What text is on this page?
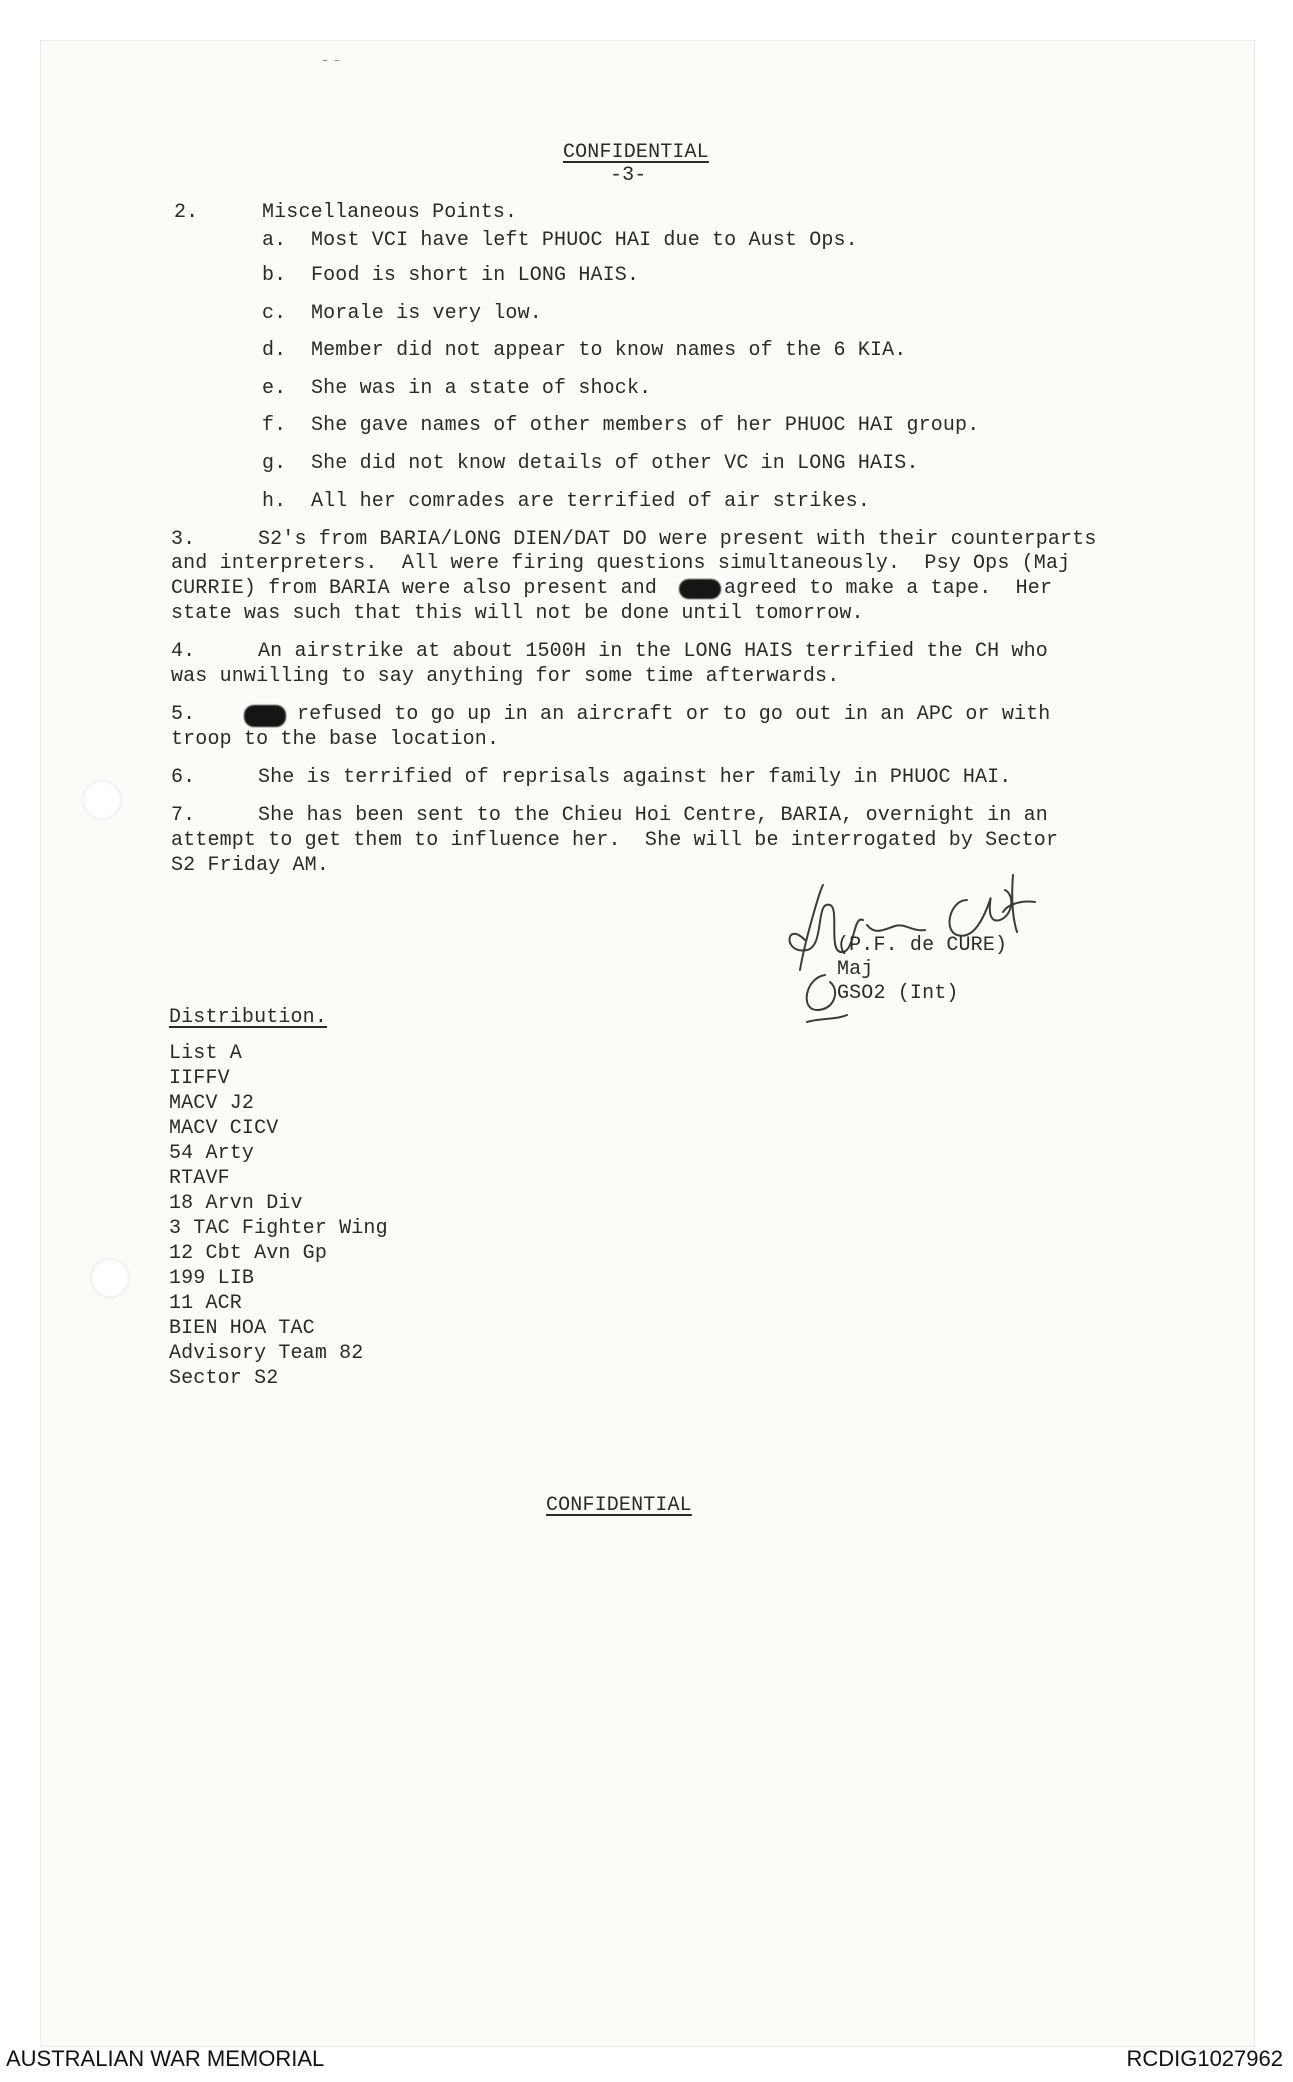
‒ ‒
CONFIDENTIAL
-3-
2.	Miscellaneous Points.
a. Most VCI have left PHUOC HAI due to Aust Ops.
b. Food is short in LONG HAIS.
c. Morale is very low.
d. Member did not appear to know names of the 6 KIA.
e. She was in a state of shock.
f. She gave names of other members of her PHUOC HAI group.
g. She did not know details of other VC in LONG HAIS.
h. All her comrades are terrified of air strikes.
3.	S2's from BARIA/LONG DIEN/DAT DO were present with their counterparts
and interpreters.  All were firing questions simultaneously.  Psy Ops (Maj
CURRIE) from BARIA were also present and	agreed to make a tape.  Her
state was such that this will not be done until tomorrow.
4.	An airstrike at about 1500H in the LONG HAIS terrified the CH who
was unwilling to say anything for some time afterwards.
5.	refused to go up in an aircraft or to go out in an APC or with
troop to the base location.
6.	She is terrified of reprisals against her family in PHUOC HAI.
7.	She has been sent to the Chieu Hoi Centre, BARIA, overnight in an
attempt to get them to influence her.  She will be interrogated by Sector
S2 Friday AM.
(P.F. de CURE)
Maj
GSO2 (Int)
Distribution.
List A
IIFFV
MACV J2
MACV CICV
54 Arty
RTAVF
18 Arvn Div
3 TAC Fighter Wing
12 Cbt Avn Gp
199 LIB
11 ACR
BIEN HOA TAC
Advisory Team 82
Sector S2
CONFIDENTIAL
AUSTRALIAN WAR MEMORIAL	RCDIG1027962
